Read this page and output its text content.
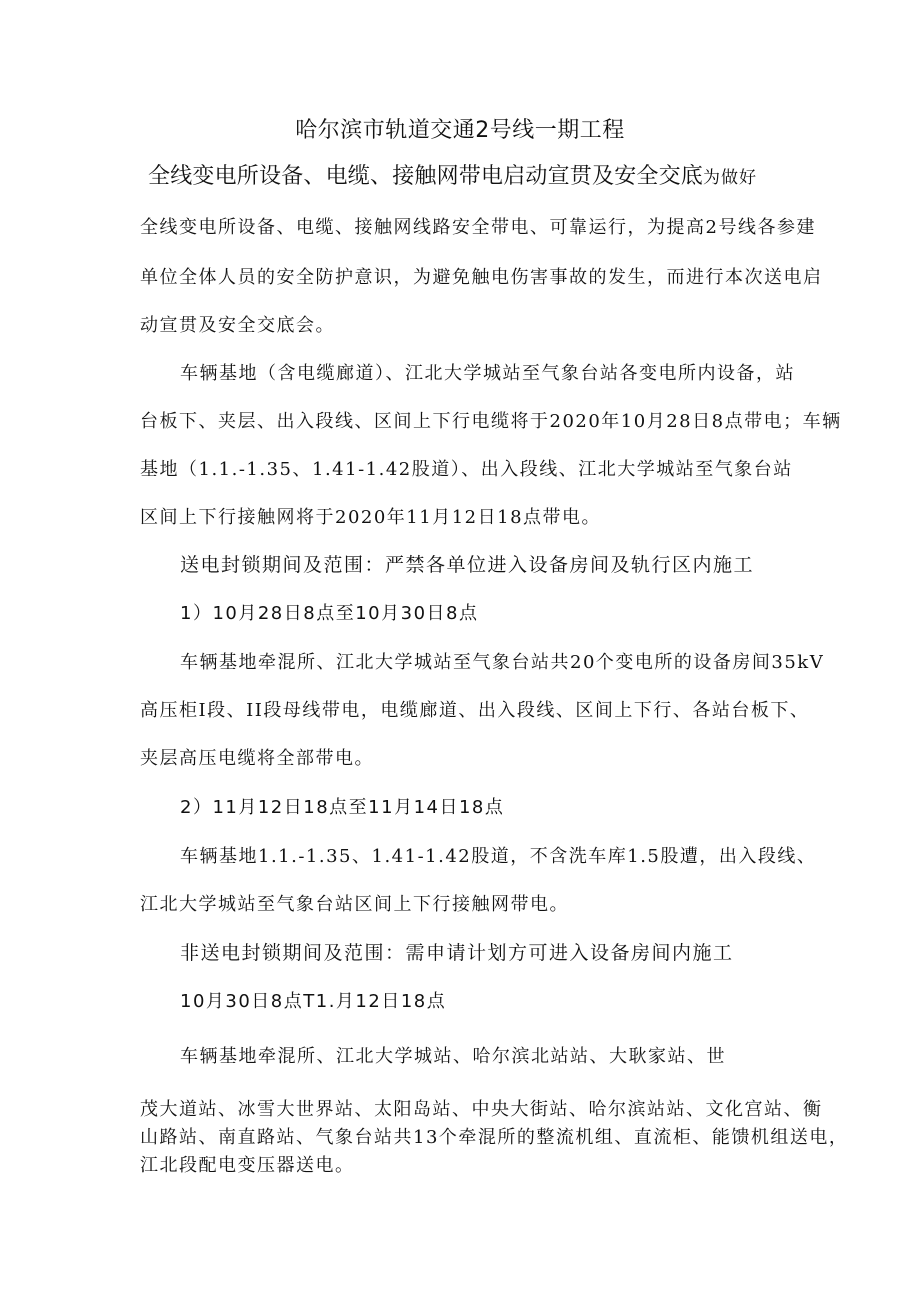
哈尔滨市轨道交通2号线一期工程
全线变电所设备、电缆、接触网带电启动宣贯及安全交底为做好
全线变电所设备、电缆、接触网线路安全带电、可靠运行，为提高2号线各参建
单位全体人员的安全防护意识，为避免触电伤害事故的发生，而进行本次送电启
动宣贯及安全交底会。
车辆基地（含电缆廊道）、江北大学城站至气象台站各变电所内设备，站
台板下、夹层、出入段线、区间上下行电缆将于2020年10月28日8点带电；车辆
基地（1.1.-1.35、1.41-1.42股道）、出入段线、江北大学城站至气象台站
区间上下行接触网将于2020年11月12日18点带电。
送电封锁期间及范围：严禁各单位进入设备房间及轨行区内施工
1）10月28日8点至10月30日8点
车辆基地牵混所、江北大学城站至气象台站共20个变电所的设备房间35kV
高压柜I段、II段母线带电，电缆廊道、出入段线、区间上下行、各站台板下、
夹层高压电缆将全部带电。
2）11月12日18点至11月14日18点
车辆基地1.1.-1.35、1.41-1.42股道，不含洗车库1.5股遭，出入段线、
江北大学城站至气象台站区间上下行接触网带电。
非送电封锁期间及范围：需申请计划方可进入设备房间内施工
10月30日8点T1.月12日18点
车辆基地牵混所、江北大学城站、哈尔滨北站站、大耿家站、世
茂大道站、冰雪大世界站、太阳岛站、中央大街站、哈尔滨站站、文化宫站、衡
山路站、南直路站、气象台站共13个牵混所的整流机组、直流柜、能馈机组送电，
江北段配电变压器送电。
